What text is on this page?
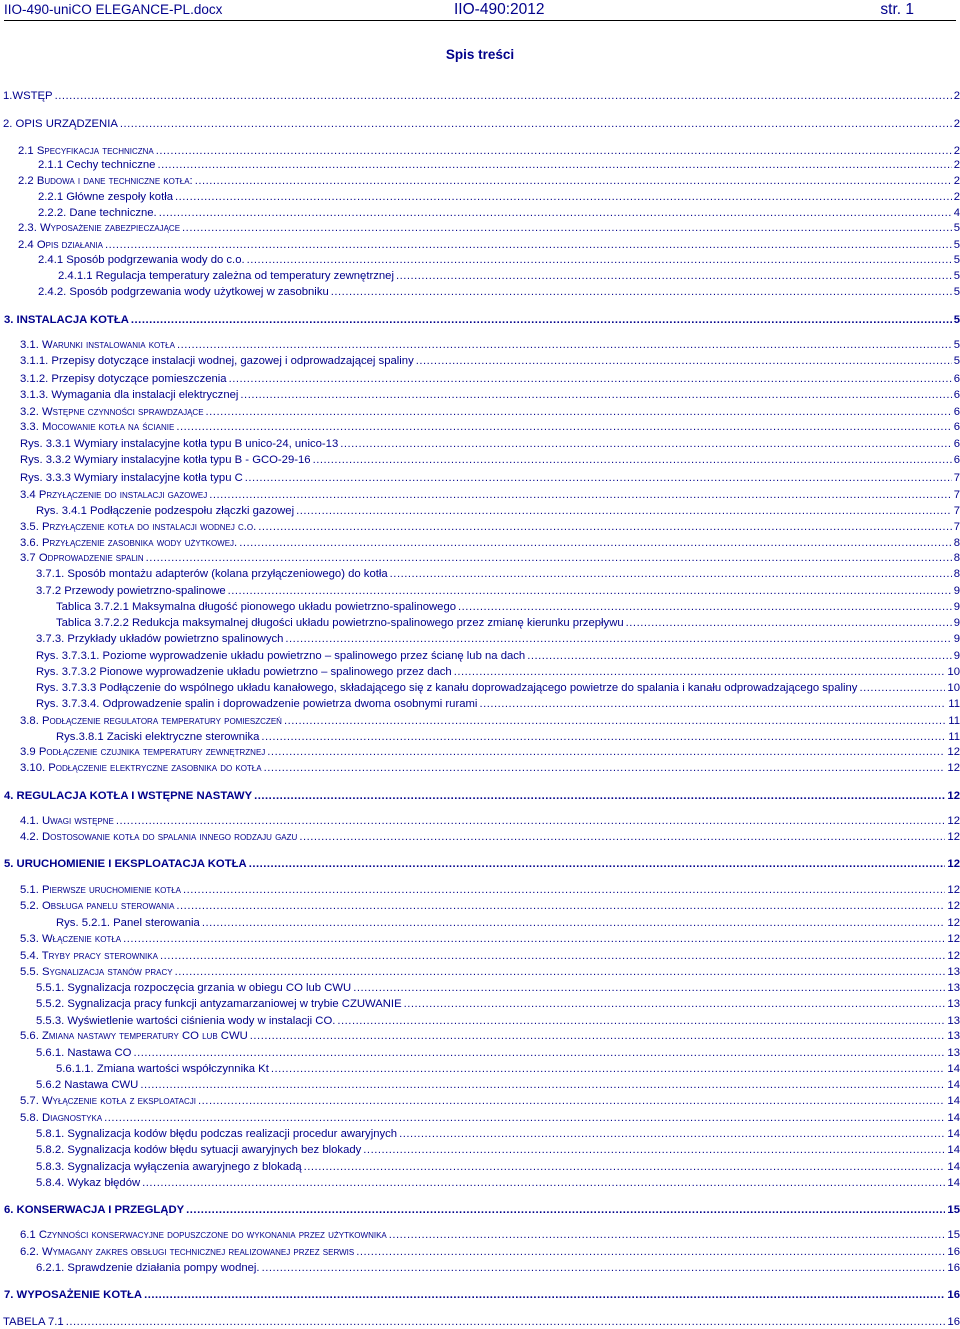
IIO-490-uniCO ELEGANCE-PL.docx	IIO-490:2012	str. 1
Spis treści
1.WSTĘP .....	2
2. OPIS URZĄDZENIA .....	2
2.1 Specyfikacja techniczna .....	2
2.1.1 Cechy techniczne .....	2
2.2 Budowa i dane techniczne kotła: .....	2
2.2.1 Główne zespoły kotła .....	2
2.2.2. Dane techniczne. .....	4
2.3. Wyposażenie zabezpieczające .....	5
2.4 Opis działania .....	5
2.4.1 Sposób podgrzewania wody do c.o. .....	5
2.4.1.1 Regulacja temperatury zależna od temperatury zewnętrznej .....	5
2.4.2. Sposób podgrzewania wody użytkowej w zasobniku .....	5
3. INSTALACJA KOTŁA .....	5
3.1. Warunki instalowania kotła .....	5
3.1.1. Przepisy dotyczące instalacji wodnej, gazowej i odprowadzającej spaliny .....	5
3.1.2. Przepisy dotyczące pomieszczenia .....	6
3.1.3. Wymagania dla instalacji elektrycznej .....	6
3.2. Wstępne czynności sprawdzające .....	6
3.3. Mocowanie kotła na ścianie .....	6
Rys. 3.3.1 Wymiary instalacyjne kotła typu B unico-24, unico-13 .....	6
Rys. 3.3.2 Wymiary instalacyjne kotła typu B - GCO-29-16 .....	6
Rys. 3.3.3 Wymiary instalacyjne kotła typu C .....	7
3.4 Przyłączenie do instalacji gazowej .....	7
Rys. 3.4.1 Podłączenie podzespołu złączki gazowej .....	7
3.5. Przyłączenie kotła do instalacji wodnej c.o. .....	7
3.6. Przyłączenie zasobnika wody użytkowej. .....	8
3.7 Odprowadzenie spalin .....	8
3.7.1. Sposób montażu adapterów (kolana przyłączeniowego) do kotła .....	8
3.7.2 Przewody powietrzno-spalinowe .....	9
Tablica 3.7.2.1 Maksymalna długość pionowego układu powietrzno-spalinowego .....	9
Tablica 3.7.2.2 Redukcja maksymalnej długości układu powietrzno-spalinowego przez zmianę kierunku przepływu .....	9
3.7.3. Przykłady układów powietrzno spalinowych .....	9
Rys. 3.7.3.1. Poziome wyprowadzenie układu powietrzno – spalinowego przez ścianę lub na dach .....	9
Rys. 3.7.3.2 Pionowe wyprowadzenie układu powietrzno – spalinowego przez dach .....	10
Rys. 3.7.3.3 Podłączenie do wspólnego układu kanałowego, składającego się z kanału doprowadzającego powietrze do spalania i kanału odprowadzającego spaliny .....	10
Rys. 3.7.3.4. Odprowadzenie spalin i doprowadzenie powietrza dwoma osobnymi rurami .....	11
3.8. Podłączenie regulatora temperatury pomieszczeń .....	11
Rys.3.8.1 Zaciski elektryczne sterownika .....	11
3.9 Podłączenie czujnika temperatury zewnętrznej .....	12
3.10. Podłączenie elektryczne zasobnika do kotła .....	12
4. REGULACJA KOTŁA I WSTĘPNE NASTAWY .....	12
4.1. Uwagi wstępne .....	12
4.2. Dostosowanie kotła do spalania innego rodzaju gazu .....	12
5. URUCHOMIENIE I EKSPLOATACJA KOTŁA .....	12
5.1. Pierwsze uruchomienie kotła .....	12
5.2. Obsługa panelu sterowania .....	12
Rys. 5.2.1. Panel sterowania .....	12
5.3. Włączenie kotła .....	12
5.4. Tryby pracy sterownika .....	12
5.5. Sygnalizacja stanów pracy .....	13
5.5.1. Sygnalizacja rozpoczęcia grzania w obiegu CO lub CWU .....	13
5.5.2. Sygnalizacja pracy funkcji antyzamarzaniowej w trybie CZUWANIE .....	13
5.5.3. Wyświetlenie wartości ciśnienia wody w instalacji CO. .....	13
5.6. Zmiana nastawy temperatury CO lub CWU .....	13
5.6.1. Nastawa CO .....	13
5.6.1.1. Zmiana wartości współczynnika Kt .....	14
5.6.2 Nastawa CWU .....	14
5.7. Wyłączenie kotła z eksploatacji .....	14
5.8. Diagnostyka .....	14
5.8.1. Sygnalizacja kodów błędu podczas realizacji procedur awaryjnych .....	14
5.8.2. Sygnalizacja kodów błędu sytuacji awaryjnych bez blokady .....	14
5.8.3. Sygnalizacja wyłączenia awaryjnego z blokadą .....	14
5.8.4. Wykaz błędów .....	14
6. KONSERWACJA I PRZEGLĄDY .....	15
6.1 Czynności konserwacyjne dopuszczone do wykonania przez użytkownika .....	15
6.2. Wymagany zakres obsługi technicznej realizowanej przez serwis .....	16
6.2.1. Sprawdzenie działania pompy wodnej. .....	16
7. WYPOSAŻENIE KOTŁA .....	16
TABELA 7.1 .....	16
